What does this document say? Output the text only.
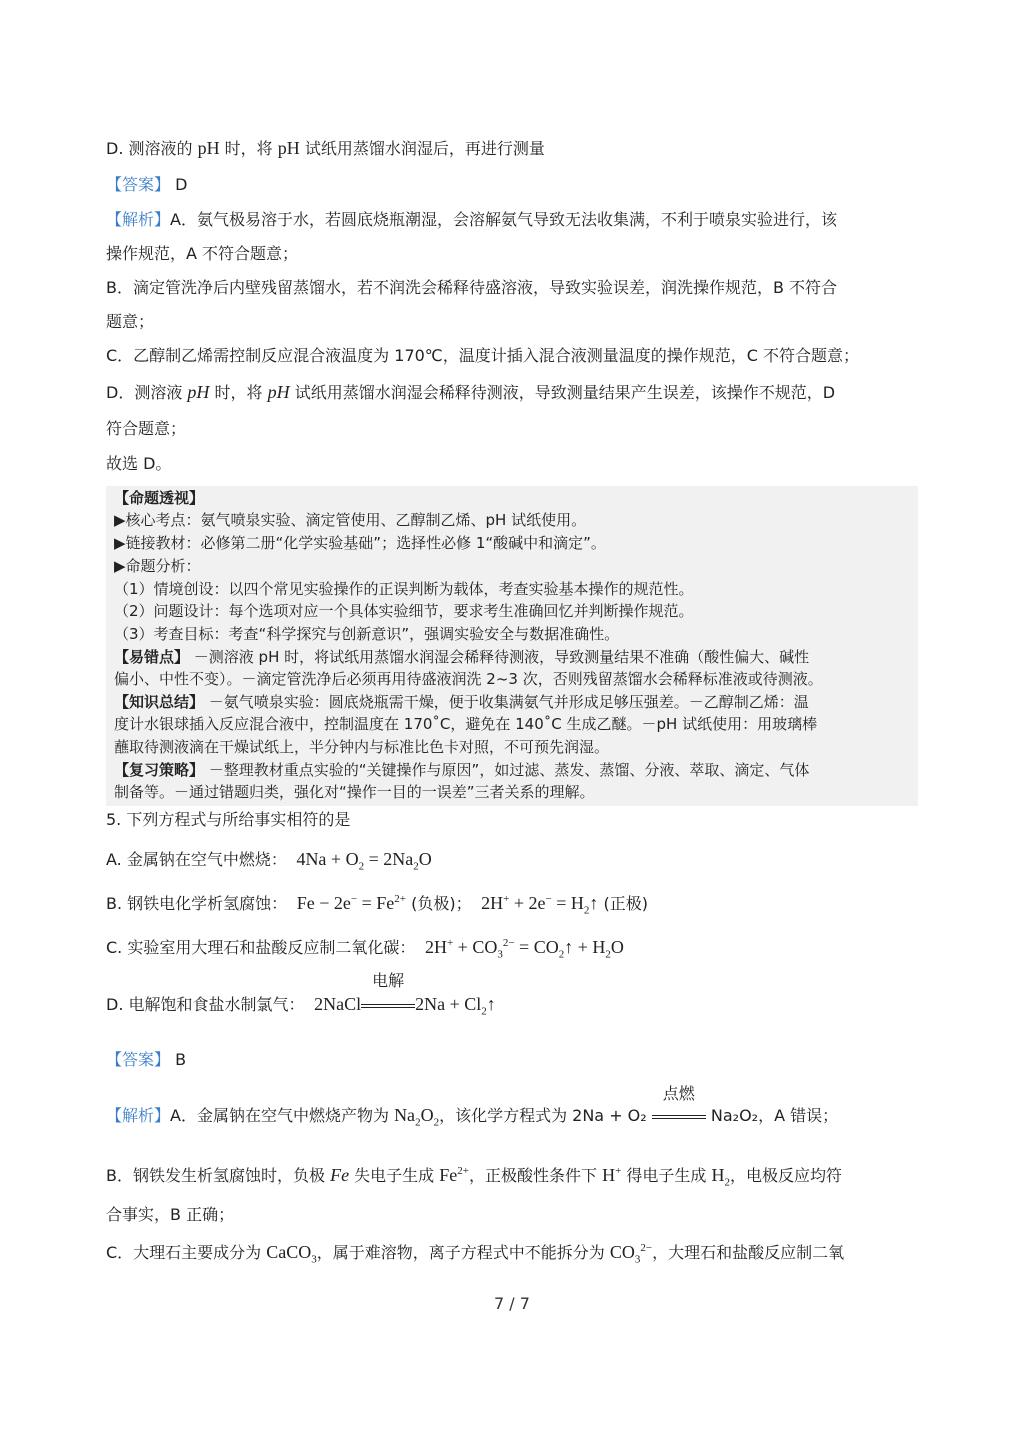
D. 测溶液的 pH 时，将 pH 试纸用蒸馏水润湿后，再进行测量
【答案】 D
【解析】A．氨气极易溶于水，若圆底烧瓶潮湿，会溶解氨气导致无法收集满，不利于喷泉实验进行，该
操作规范，A 不符合题意；
B．滴定管洗净后内壁残留蒸馏水，若不润洗会稀释待盛溶液，导致实验误差，润洗操作规范，B 不符合
题意；
C．乙醇制乙烯需控制反应混合液温度为 170℃，温度计插入混合液测量温度的操作规范，C 不符合题意；
D．测溶液 pH 时，将 pH 试纸用蒸馏水润湿会稀释待测液，导致测量结果产生误差，该操作不规范，D
符合题意；
故选 D。
【命题透视】
▶核心考点：氨气喷泉实验、滴定管使用、乙醇制乙烯、pH 试纸使用。
▶链接教材：必修第二册“化学实验基础”；选择性必修 1“酸碱中和滴定”。
▶命题分析：
（1）情境创设：以四个常见实验操作的正误判断为载体，考查实验基本操作的规范性。
（2）问题设计：每个选项对应一个具体实验细节，要求考生准确回忆并判断操作规范。
（3）考查目标：考查“科学探究与创新意识”，强调实验安全与数据准确性。
【易错点】 －测溶液 pH 时，将试纸用蒸馏水润湿会稀释待测液，导致测量结果不准确（酸性偏大、碱性
偏小、中性不变）。－滴定管洗净后必须再用待盛液润洗 2~3 次，否则残留蒸馏水会稀释标准液或待测液。
【知识总结】 －氨气喷泉实验：圆底烧瓶需干燥，便于收集满氨气并形成足够压强差。－乙醇制乙烯：温
度计水银球插入反应混合液中，控制温度在 170˚C，避免在 140˚C 生成乙醚。－pH 试纸使用：用玻璃棒
蘸取待测液滴在干燥试纸上，半分钟内与标准比色卡对照，不可预先润湿。
【复习策略】 －整理教材重点实验的“关键操作与原因”，如过滤、蒸发、蒸馏、分液、萃取、滴定、气体
制备等。－通过错题归类，强化对“操作一目的一误差”三者关系的理解。
5. 下列方程式与所给事实相符的是
A. 金属钠在空气中燃烧：  $4Na + O_2 = 2Na_2O$
B. 钢铁电化学析氢腐蚀：  $Fe - 2e^- = Fe^{2+}$ (负极)；  $2H^+ + 2e^- = H_2↑$ (正极)
C. 实验室用大理石和盐酸反应制二氧化碳：  $2H^+ + CO_3^{2-}$ = $CO_2↑ + H_2O$
D. 电解饱和食盐水制氯气：  2NaCl
电解
$2Na + Cl_2↑$
【答案】 B
【解析】A．金属钠在空气中燃烧产物为 $Na_2O_2$，该化学方程式为 2Na + O₂
点燃
Na₂O₂，A 错误；
B．钢铁发生析氢腐蚀时，负极 Fe 失电子生成 $Fe^{2+}$，正极酸性条件下 H+ 得电子生成 $H_2$，电极反应均符
合事实，B 正确；
C．大理石主要成分为 CaCO$_3$，属于难溶物，离子方程式中不能拆分为 $CO_3^{2-}$，大理石和盐酸反应制二氧
7 / 7
